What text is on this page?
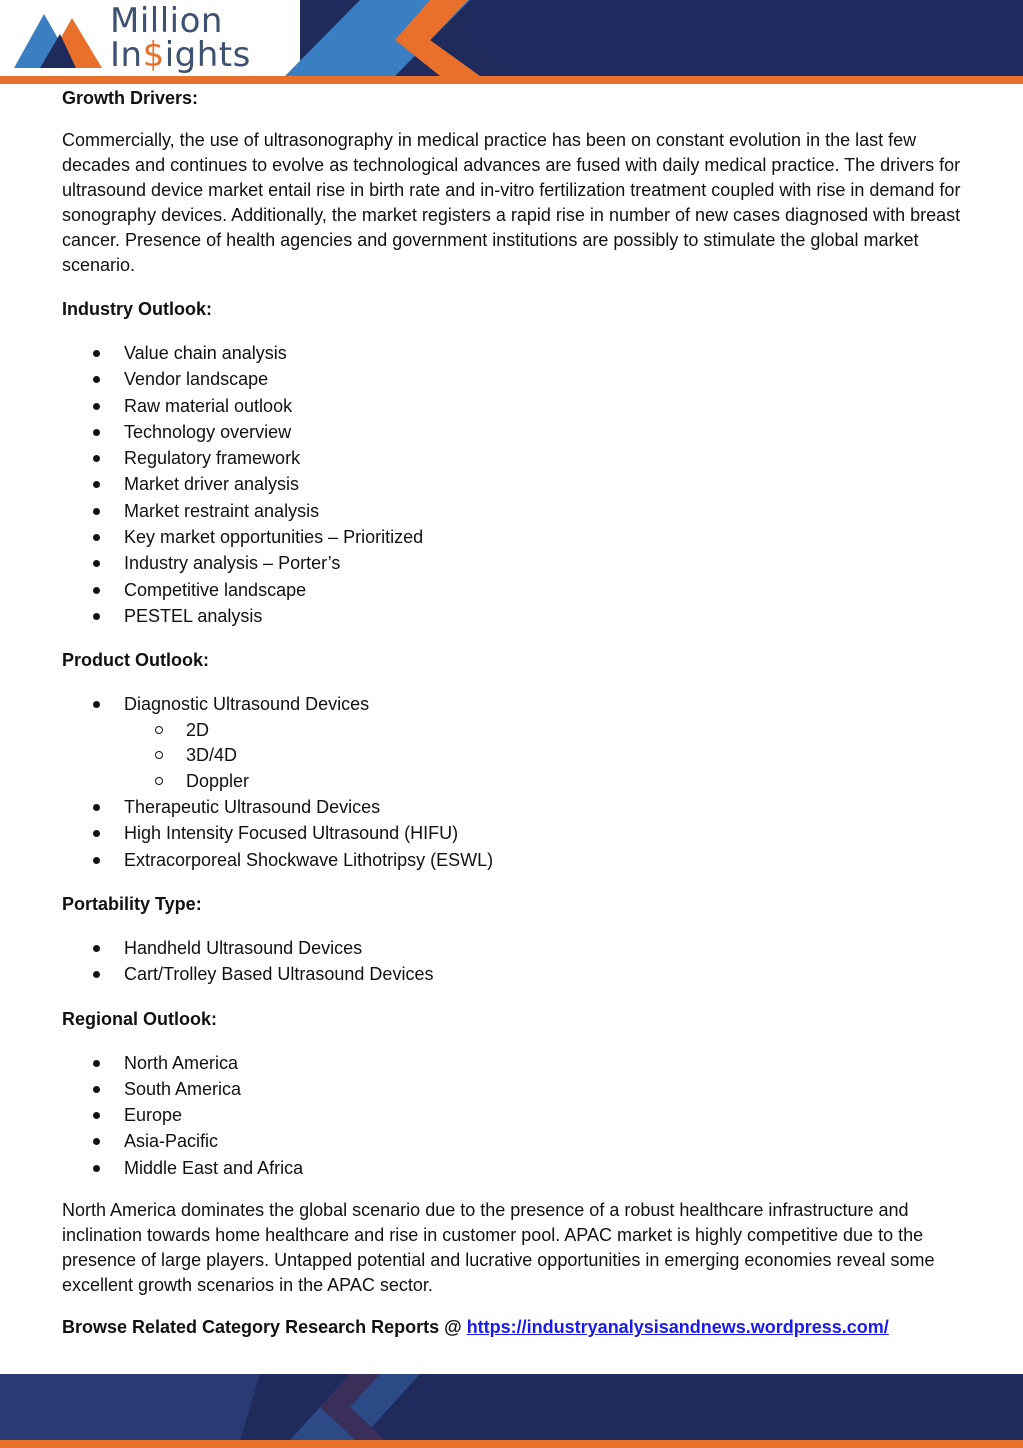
Million
In$ights

Growth Drivers:

Commercially, the use of ultrasonography in medical practice has been on constant evolution in the last few decades and continues to evolve as technological advances are fused with daily medical practice. The drivers for ultrasound device market entail rise in birth rate and in-vitro fertilization treatment coupled with rise in demand for sonography devices. Additionally, the market registers a rapid rise in number of new cases diagnosed with breast cancer. Presence of health agencies and government institutions are possibly to stimulate the global market scenario.

Industry Outlook:

Value chain analysis
Vendor landscape
Raw material outlook
Technology overview
Regulatory framework
Market driver analysis
Market restraint analysis
Key market opportunities – Prioritized
Industry analysis – Porter’s
Competitive landscape
PESTEL analysis

Product Outlook:

Diagnostic Ultrasound Devices
2D
3D/4D
Doppler
Therapeutic Ultrasound Devices
High Intensity Focused Ultrasound (HIFU)
Extracorporeal Shockwave Lithotripsy (ESWL)

Portability Type:

Handheld Ultrasound Devices
Cart/Trolley Based Ultrasound Devices

Regional Outlook:

North America
South America
Europe
Asia-Pacific
Middle East and Africa

North America dominates the global scenario due to the presence of a robust healthcare infrastructure and inclination towards home healthcare and rise in customer pool. APAC market is highly competitive due to the presence of large players. Untapped potential and lucrative opportunities in emerging economies reveal some excellent growth scenarios in the APAC sector.

Browse Related Category Research Reports @ https://industryanalysisandnews.wordpress.com/
